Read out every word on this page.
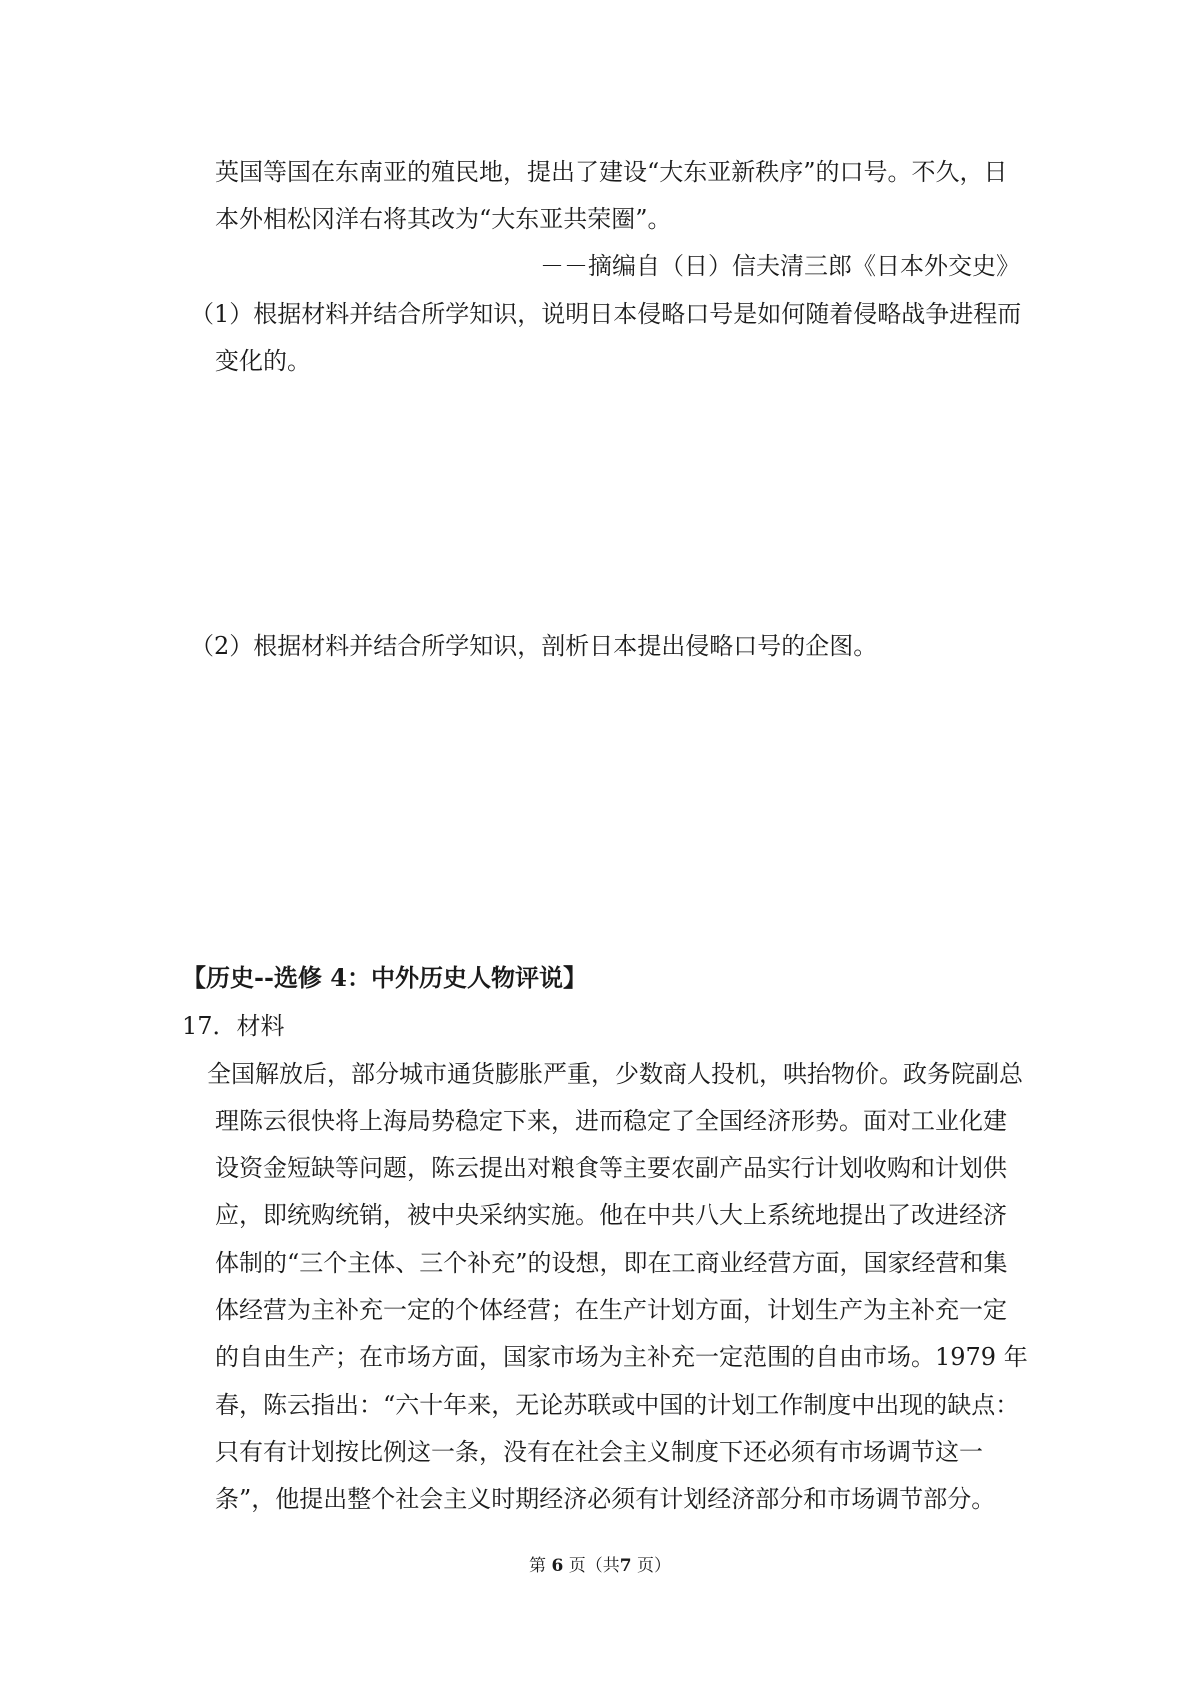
英国等国在东南亚的殖民地，提出了建设“大东亚新秩序”的口号。不久，日
本外相松冈洋右将其改为“大东亚共荣圈”。
－－摘编自（日）信夫清三郎《日本外交史》
（1）根据材料并结合所学知识，说明日本侵略口号是如何随着侵略战争进程而
变化的。
（2）根据材料并结合所学知识，剖析日本提出侵略口号的企图。
【历史--选修 4：中外历史人物评说】
17．材料
全国解放后，部分城市通货膨胀严重，少数商人投机，哄抬物价。政务院副总
理陈云很快将上海局势稳定下来，进而稳定了全国经济形势。面对工业化建
设资金短缺等问题，陈云提出对粮食等主要农副产品实行计划收购和计划供
应，即统购统销，被中央采纳实施。他在中共八大上系统地提出了改进经济
体制的“三个主体、三个补充”的设想，即在工商业经营方面，国家经营和集
体经营为主补充一定的个体经营；在生产计划方面，计划生产为主补充一定
的自由生产；在市场方面，国家市场为主补充一定范围的自由市场。1979 年
春，陈云指出：“六十年来，无论苏联或中国的计划工作制度中出现的缺点：
只有有计划按比例这一条，没有在社会主义制度下还必须有市场调节这一
条”，他提出整个社会主义时期经济必须有计划经济部分和市场调节部分。
第 6 页（共7 页）
